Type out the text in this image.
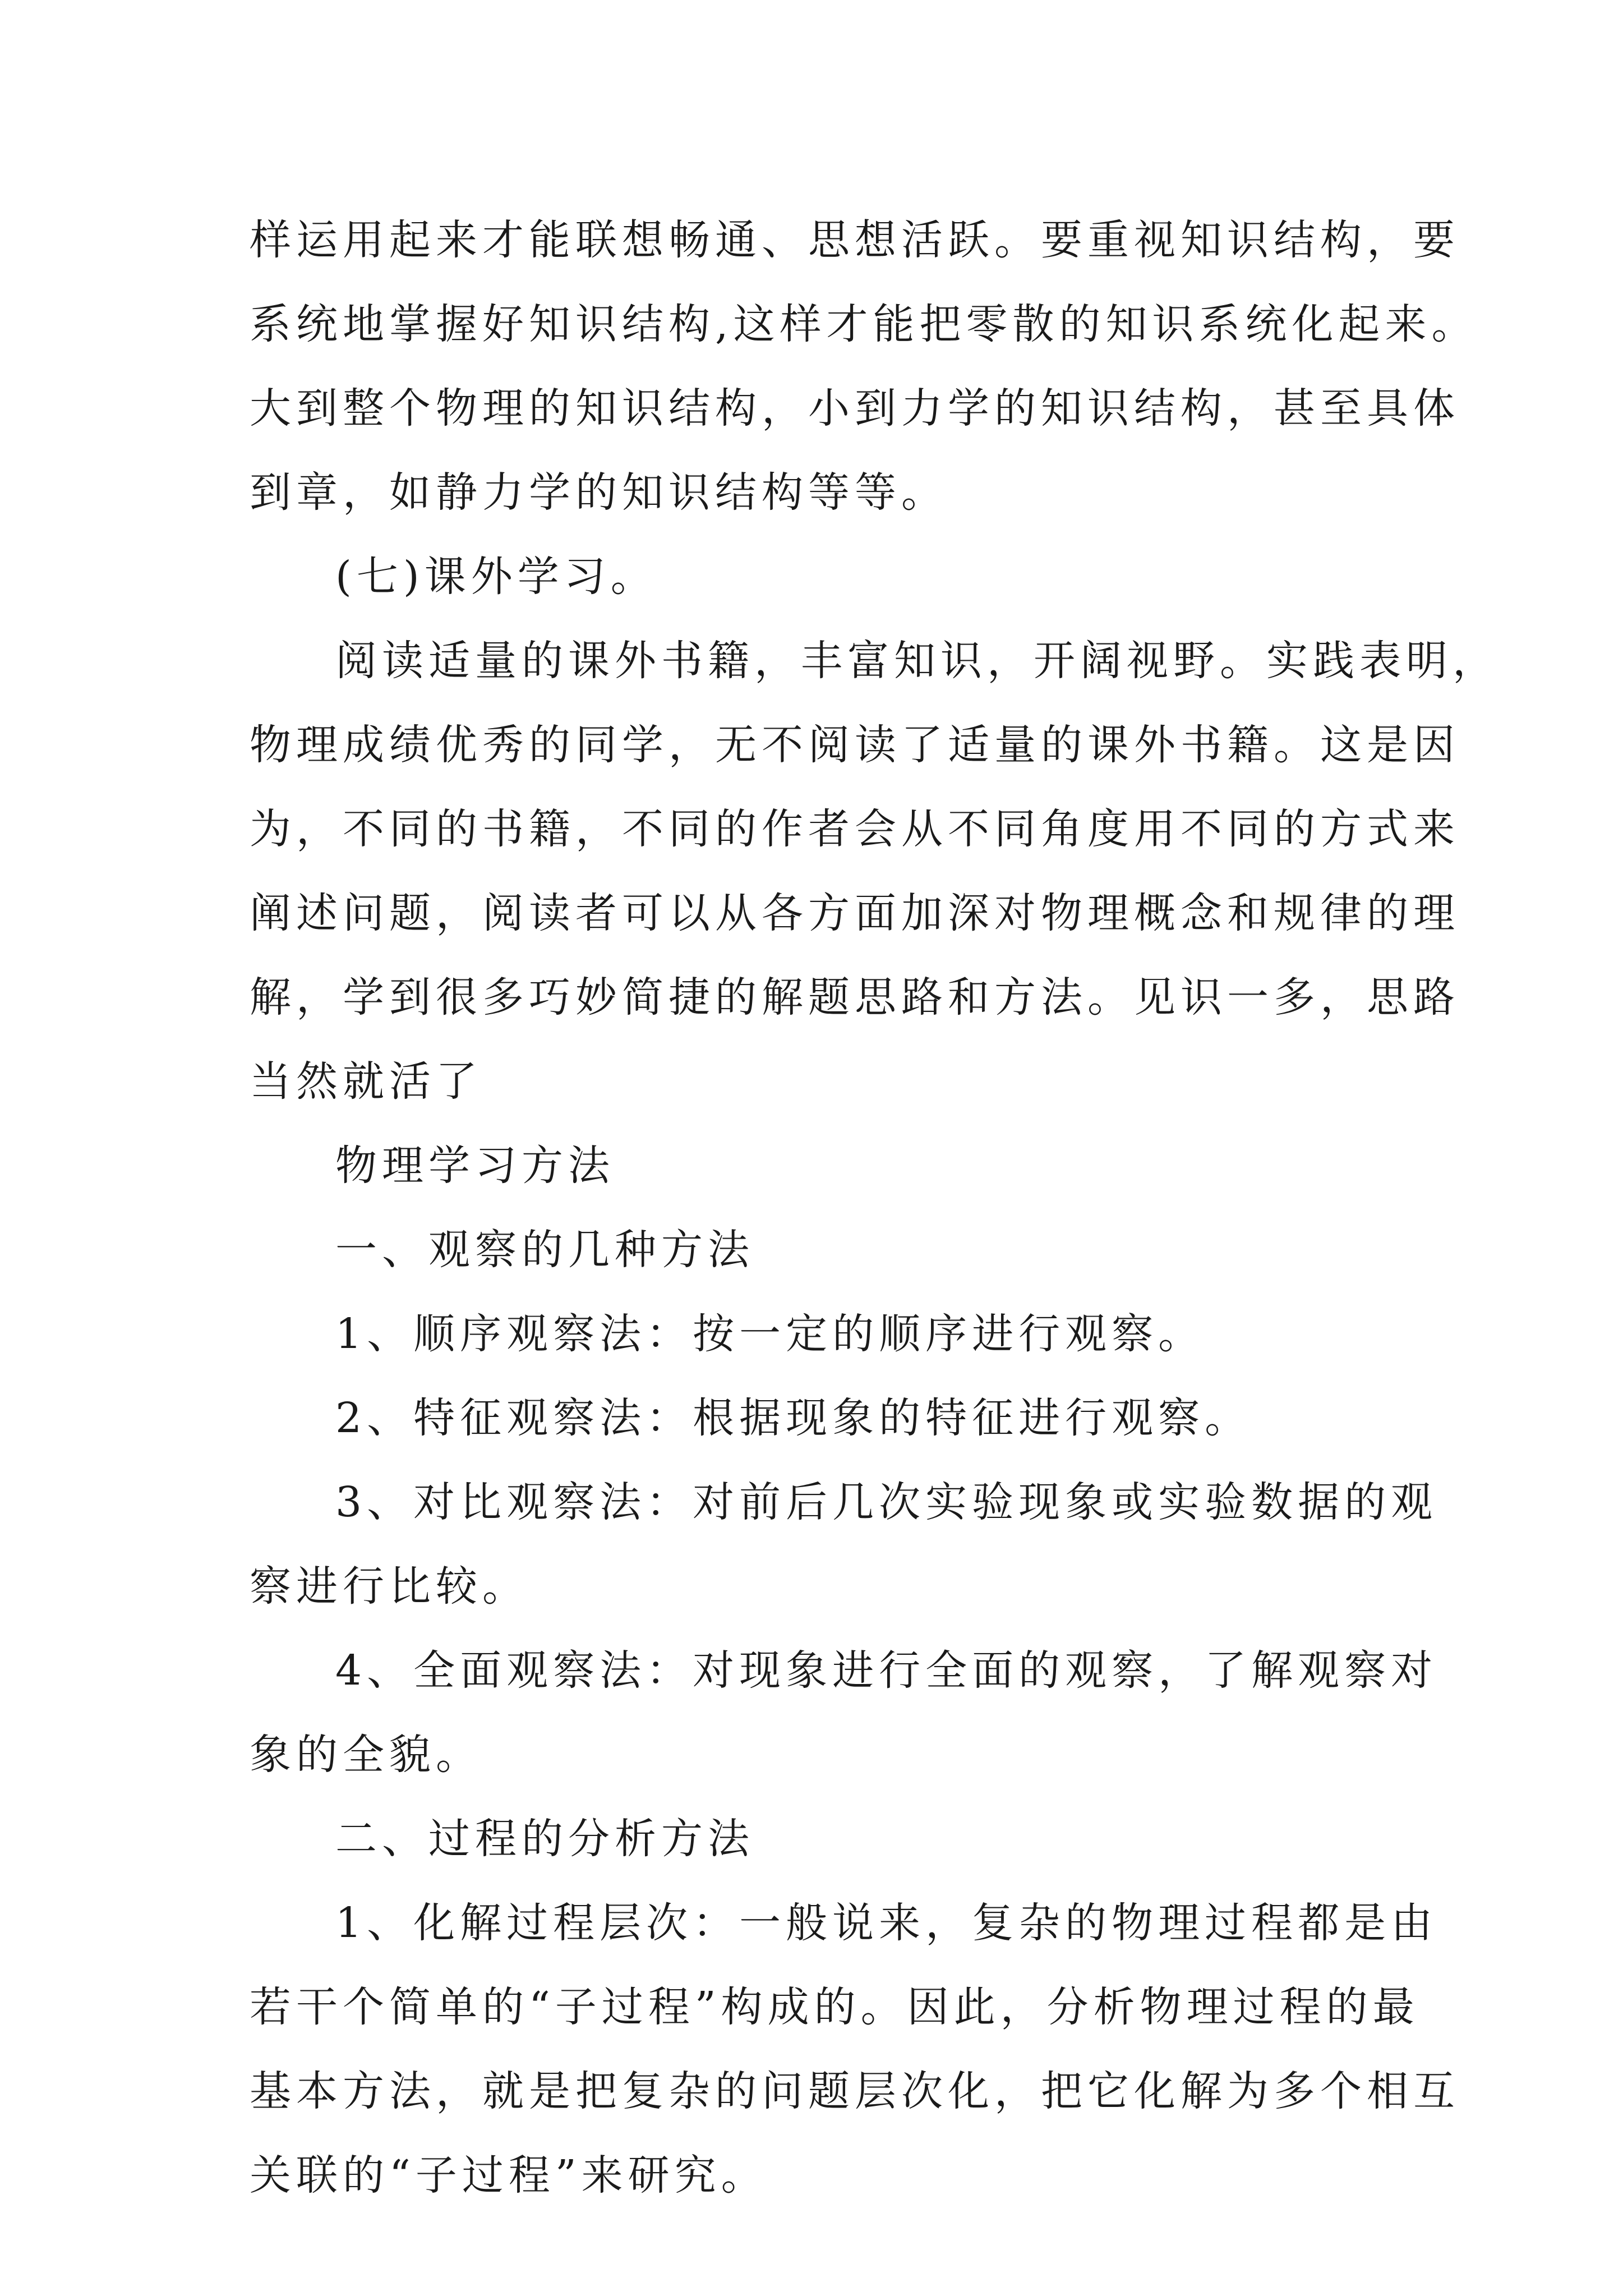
样运用起来才能联想畅通、思想活跃。要重视知识结构，要
系统地掌握好知识结构,这样才能把零散的知识系统化起来。
大到整个物理的知识结构，小到力学的知识结构，甚至具体
到章，如静力学的知识结构等等。
(七)课外学习。
阅读适量的课外书籍，丰富知识，开阔视野。实践表明，
物理成绩优秀的同学，无不阅读了适量的课外书籍。这是因
为，不同的书籍，不同的作者会从不同角度用不同的方式来
阐述问题，阅读者可以从各方面加深对物理概念和规律的理
解，学到很多巧妙简捷的解题思路和方法。见识一多，思路
当然就活了
物理学习方法
一、观察的几种方法
1、顺序观察法：按一定的顺序进行观察。
2、特征观察法：根据现象的特征进行观察。
3、对比观察法：对前后几次实验现象或实验数据的观
察进行比较。
4、全面观察法：对现象进行全面的观察，了解观察对
象的全貌。
二、过程的分析方法
1、化解过程层次：一般说来，复杂的物理过程都是由
若干个简单的“子过程”构成的。因此，分析物理过程的最
基本方法，就是把复杂的问题层次化，把它化解为多个相互
关联的“子过程”来研究。
